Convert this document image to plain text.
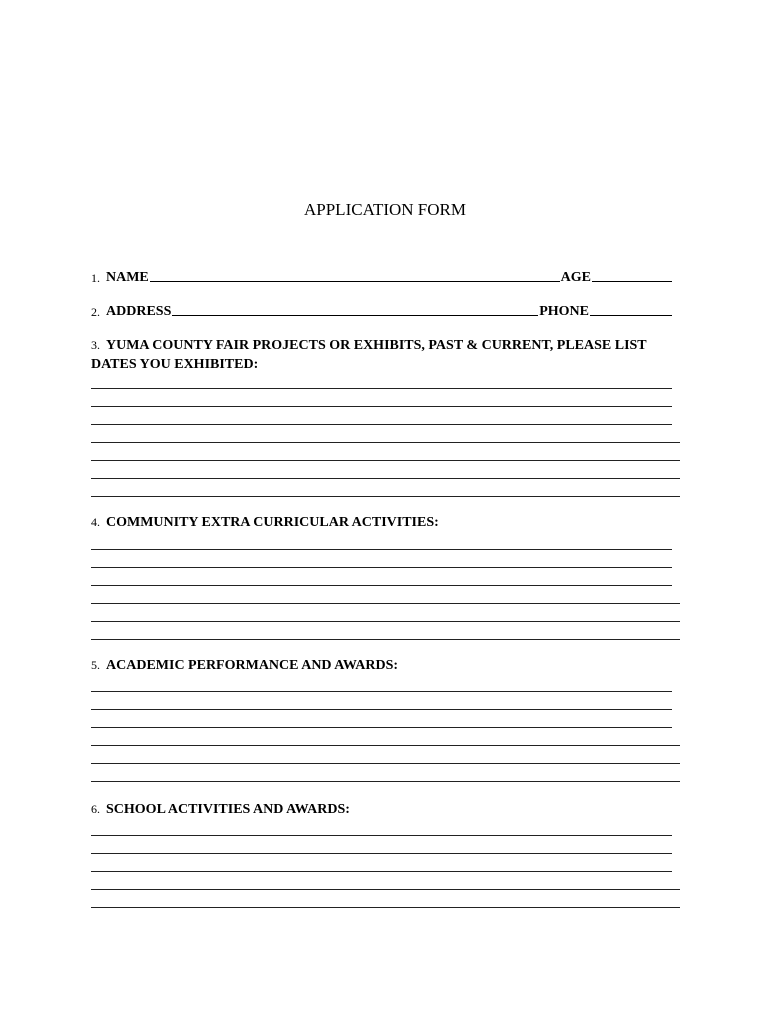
APPLICATION FORM
1. NAME	AGE
2. ADDRESS	PHONE
3. YUMA COUNTY FAIR PROJECTS OR EXHIBITS, PAST & CURRENT, PLEASE LIST DATES YOU EXHIBITED:
4. COMMUNITY EXTRA CURRICULAR ACTIVITIES:
5. ACADEMIC PERFORMANCE AND AWARDS:
6. SCHOOL ACTIVITIES AND AWARDS:
